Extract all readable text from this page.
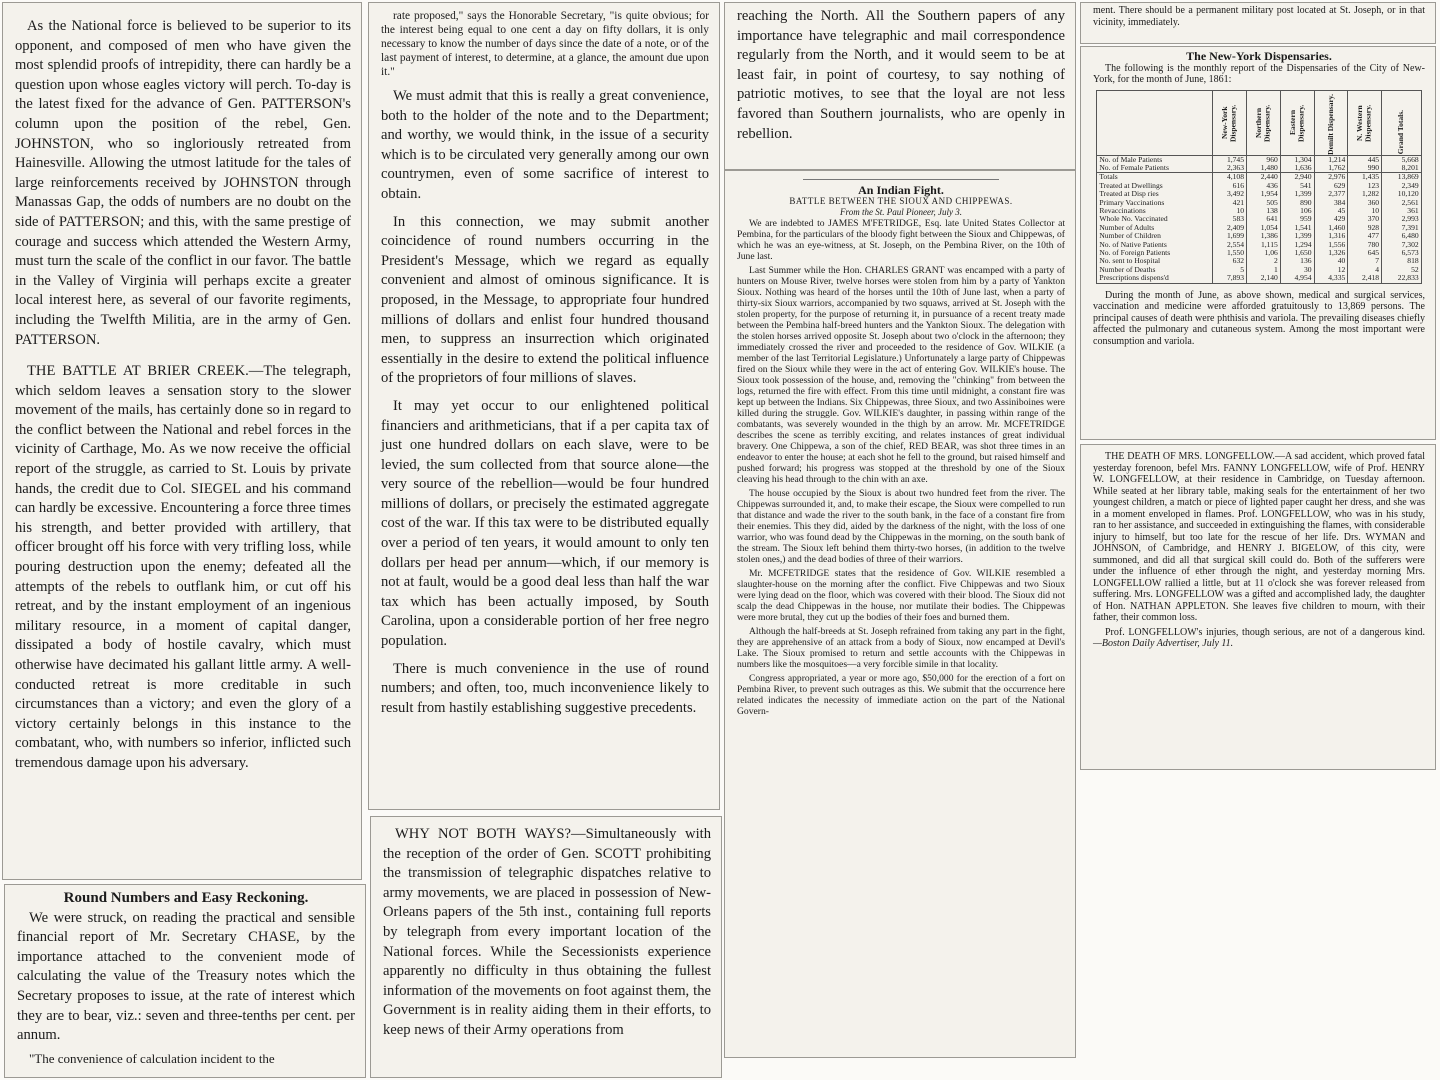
As the National force is believed to be superior to its opponent, and composed of men who have given the most splendid proofs of intrepidity, there can hardly be a question upon whose eagles victory will perch. To-day is the latest fixed for the advance of Gen. PATTERSON's column upon the position of the rebel, Gen. JOHNSTON, who so ingloriously retreated from Hainesville. Allowing the utmost latitude for the tales of large reinforcements received by JOHNSTON through Manassas Gap, the odds of numbers are no doubt on the side of PATTERSON; and this, with the same prestige of courage and success which attended the Western Army, must turn the scale of the conflict in our favor. The battle in the Valley of Virginia will perhaps excite a greater local interest here, as several of our favorite regiments, including the Twelfth Militia, are in the army of Gen. PATTERSON.

THE BATTLE AT BRIER CREEK.—The telegraph, which seldom leaves a sensation story to the slower movement of the mails, has certainly done so in regard to the conflict between the National and rebel forces in the vicinity of Carthage, Mo. As we now receive the official report of the struggle, as carried to St. Louis by private hands, the credit due to Col. SIEGEL and his command can hardly be excessive. Encountering a force three times his strength, and better provided with artillery, that officer brought off his force with very trifling loss, while pouring destruction upon the enemy; defeated all the attempts of the rebels to outflank him, or cut off his retreat, and by the instant employment of an ingenious military resource, in a moment of capital danger, dissipated a body of hostile cavalry, which must otherwise have decimated his gallant little army. A well-conducted retreat is more creditable in such circumstances than a victory; and even the glory of a victory certainly belongs in this instance to the combatant, who, with numbers so inferior, inflicted such tremendous damage upon his adversary.

Round Numbers and Easy Reckoning.

We were struck, on reading the practical and sensible financial report of Mr. Secretary CHASE, by the importance attached to the convenient mode of calculating the value of the Treasury notes which the Secretary proposes to issue, at the rate of interest which they are to bear, viz.: seven and three-tenths per cent. per annum.

"The convenience of calculation incident to the

rate proposed," says the Honorable Secretary, "is quite obvious; for the interest being equal to one cent a day on fifty dollars, it is only necessary to know the number of days since the date of a note, or of the last payment of interest, to determine, at a glance, the amount due upon it."

We must admit that this is really a great convenience, both to the holder of the note and to the Department; and worthy, we would think, in the issue of a security which is to be circulated very generally among our own countrymen, even of some sacrifice of interest to obtain.

In this connection, we may submit another coincidence of round numbers occurring in the President's Message, which we regard as equally convenient and almost of ominous significance. It is proposed, in the Message, to appropriate four hundred millions of dollars and enlist four hundred thousand men, to suppress an insurrection which originated essentially in the desire to extend the political influence of the proprietors of four millions of slaves.

It may yet occur to our enlightened political financiers and arithmeticians, that if a per capita tax of just one hundred dollars on each slave, were to be levied, the sum collected from that source alone—the very source of the rebellion—would be four hundred millions of dollars, or precisely the estimated aggregate cost of the war. If this tax were to be distributed equally over a period of ten years, it would amount to only ten dollars per head per annum—which, if our memory is not at fault, would be a good deal less than half the war tax which has been actually imposed, by South Carolina, upon a considerable portion of her free negro population.

There is much convenience in the use of round numbers; and often, too, much inconvenience likely to result from hastily establishing suggestive precedents.

WHY NOT BOTH WAYS?—Simultaneously with the reception of the order of Gen. SCOTT prohibiting the transmission of telegraphic dispatches relative to army movements, we are placed in possession of New-Orleans papers of the 5th inst., containing full reports by telegraph from every important location of the National forces. While the Secessionists experience apparently no difficulty in thus obtaining the fullest information of the movements on foot against them, the Government is in reality aiding them in their efforts, to keep news of their Army operations from

reaching the North. All the Southern papers of any importance have telegraphic and mail correspondence regularly from the North, and it would seem to be at least fair, in point of courtesy, to say nothing of patriotic motives, to see that the loyal are not less favored than Southern journalists, who are openly in rebellion.

An Indian Fight.
BATTLE BETWEEN THE SIOUX AND CHIPPEWAS.
From the St. Paul Pioneer, July 3.

We are indebted to JAMES M'FETRIDGE, Esq. late United States Collector at Pembina, for the particulars of the bloody fight between the Sioux and Chippewas, of which he was an eye-witness, at St. Joseph, on the Pembina River, on the 10th of June last.

Last Summer while the Hon. CHARLES GRANT was encamped with a party of hunters on Mouse River, twelve horses were stolen from him by a party of Yankton Sioux. Nothing was heard of the horses until the 10th of June last, when a party of thirty-six Sioux warriors, accompanied by two squaws, arrived at St. Joseph with the stolen property, for the purpose of returning it, in pursuance of a recent treaty made between the Pembina half-breed hunters and the Yankton Sioux. The delegation with the stolen horses arrived opposite St. Joseph about two o'clock in the afternoon; they immediately crossed the river and proceeded to the residence of Gov. WILKIE (a member of the last Territorial Legislature.) Unfortunately a large party of Chippewas fired on the Sioux while they were in the act of entering Gov. WILKIE's house. The Sioux took possession of the house, and, removing the "chinking" from between the logs, returned the fire with effect. From this time until midnight, a constant fire was kept up between the Indians. Six Chippewas, three Sioux, and two Assiniboines were killed during the struggle. Gov. WILKIE's daughter, in passing within range of the combatants, was severely wounded in the thigh by an arrow. Mr. MCFETRIDGE describes the scene as terribly exciting, and relates instances of great individual bravery. One Chippewa, a son of the chief, RED BEAR, was shot three times in an endeavor to enter the house; at each shot he fell to the ground, but raised himself and pushed forward; his progress was stopped at the threshold by one of the Sioux cleaving his head through to the chin with an axe.

The house occupied by the Sioux is about two hundred feet from the river. The Chippewas surrounded it, and, to make their escape, the Sioux were compelled to run that distance and wade the river to the south bank, in the face of a constant fire from their enemies. This they did, aided by the darkness of the night, with the loss of one warrior, who was found dead by the Chippewas in the morning, on the south bank of the stream. The Sioux left behind them thirty-two horses, (in addition to the twelve stolen ones,) and the dead bodies of three of their warriors.

Mr. MCFETRIDGE states that the residence of Gov. WILKIE resembled a slaughter-house on the morning after the conflict. Five Chippewas and two Sioux were lying dead on the floor, which was covered with their blood. The Sioux did not scalp the dead Chippewas in the house, nor mutilate their bodies. The Chippewas were more brutal, they cut up the bodies of their foes and burned them.

Although the half-breeds at St. Joseph refrained from taking any part in the fight, they are apprehensive of an attack from a body of Sioux, now encamped at Devil's Lake. The Sioux promised to return and settle accounts with the Chippewas in numbers like the mosquitoes—a very forcible simile in that locality.

Congress appropriated, a year or more ago, $50,000 for the erection of a fort on Pembina River, to prevent such outrages as this. We submit that the occurrence here related indicates the necessity of immediate action on the part of the National Govern-

ment. There should be a permanent military post located at St. Joseph, or in that vicinity, immediately.

The New-York Dispensaries.

The following is the monthly report of the Dispensaries of the City of New-York, for the month of June, 1861:

	New-York Dispensary.	Northern Dispensary.	Eastern Dispensary.	Demilt Dispensary.	N. Western Dispensary.	Grand Totals.

No. of Male Patients	1,745	960	1,304	1,214	445	5,668
No. of Female Patients	2,363	1,480	1,636	1,762	990	8,201
Totals	4,108	2,440	2,940	2,976	1,435	13,869
Treated at Dwellings	616	436	541	629	123	2,349
Treated at Disp ries	3,492	1,954	1,399	2,377	1,282	10,120
Primary Vaccinations	421	505	890	384	360	2,561
Revaccinations	10	138	106	45	10	361
Whole No. Vaccinated	583	641	959	429	370	2,993
Number of Adults	2,409	1,054	1,541	1,460	928	7,391
Number of Children	1,699	1,386	1,399	1,316	477	6,480
No. of Native Patients	2,554	1,115	1,294	1,556	780	7,302
No. of Foreign Patients	1,550	1,06	1,650	1,326	645	6,573
No. sent to Hospital	632	2	136	40	7	818
Number of Deaths	5	1	30	12	4	52
Prescriptions dispens'd	7,893	2,140	4,954	4,335	2,418	22,833

During the month of June, as above shown, medical and surgical services, vaccination and medicine were afforded gratuitously to 13,869 persons. The principal causes of death were phthisis and variola. The prevailing diseases chiefly affected the pulmonary and cutaneous system. Among the most important were consumption and variola.

THE DEATH OF MRS. LONGFELLOW.—A sad accident, which proved fatal yesterday forenoon, befel Mrs. FANNY LONGFELLOW, wife of Prof. HENRY W. LONGFELLOW, at their residence in Cambridge, on Tuesday afternoon. While seated at her library table, making seals for the entertainment of her two youngest children, a match or piece of lighted paper caught her dress, and she was in a moment enveloped in flames. Prof. LONGFELLOW, who was in his study, ran to her assistance, and succeeded in extinguishing the flames, with considerable injury to himself, but too late for the rescue of her life. Drs. WYMAN and JOHNSON, of Cambridge, and HENRY J. BIGELOW, of this city, were summoned, and did all that surgical skill could do. Both of the sufferers were under the influence of ether through the night, and yesterday morning Mrs. LONGFELLOW rallied a little, but at 11 o'clock she was forever released from suffering. Mrs. LONGFELLOW was a gifted and accomplished lady, the daughter of Hon. NATHAN APPLETON. She leaves five children to mourn, with their father, their common loss.

Prof. LONGFELLOW's injuries, though serious, are not of a dangerous kind. —Boston Daily Advertiser, July 11.
